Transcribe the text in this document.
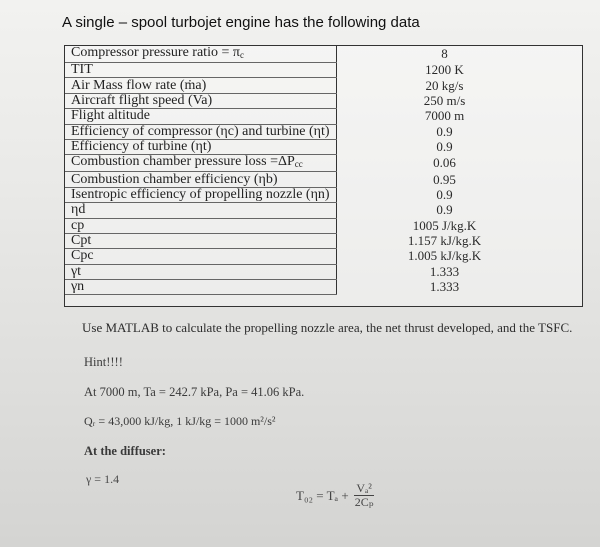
A single – spool turbojet engine has the following data
Compressor pressure ratio = $\pi_c$	8
TIT	1200 K
Air Mass flow rate (ṁa)	20 kg/s
Aircraft flight speed (Va)	250 m/s
Flight altitude	7000 m
Efficiency of compressor (ηc) and turbine (ηt)	0.9
Efficiency of turbine (ηt)	0.9
Combustion chamber pressure loss $=\Delta P_{cc}$	0.06
Combustion chamber efficiency (ηb)	0.95
Isentropic efficiency of propelling nozzle (ηn)	0.9
ηd	0.9
cp	1005 J/kg.K
Cpt	1.157 kJ/kg.K
Cpc	1.005 kJ/kg.K
γt	1.333
γn	1.333
Use MATLAB to calculate the propelling nozzle area, the net thrust developed, and the TSFC.
Hint!!!!
At 7000 m, Ta = 242.7 kPa, Pa = 41.06 kPa.
Qᵣ = 43,000 kJ/kg, 1 kJ/kg = 1000 m²/s²
At the diffuser:
γ = 1.4
$T_{02} = T_a + \frac{\text{Vₐ²}}{\text{2Cₚ}}$
